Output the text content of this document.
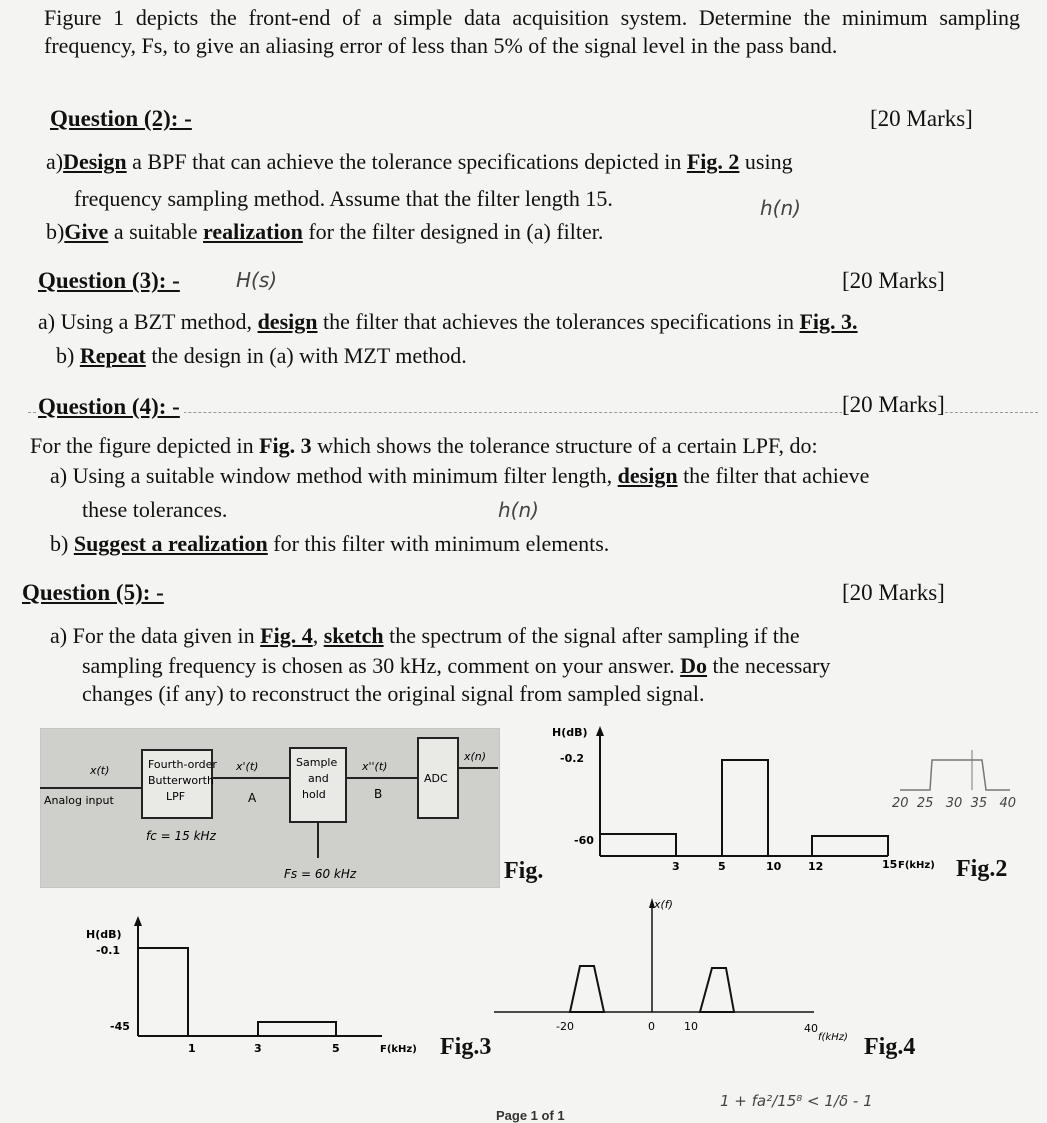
Figure 1 depicts the front-end of a simple data acquisition system. Determine the minimum sampling frequency, Fs, to give an aliasing error of less than 5% of the signal level in the pass band.
Question (2): -	[20 Marks]
a)Design a BPF that can achieve the tolerance specifications depicted in Fig. 2 using
frequency sampling method. Assume that the filter length 15.	h(n)
b)Give a suitable realization for the filter designed in (a) filter.
Question (3): -	H(s)	[20 Marks]
a) Using a BZT method, design the filter that achieves the tolerances specifications in Fig. 3.
b) Repeat the design in (a) with MZT method.
Question (4): -	[20 Marks]
For the figure depicted in Fig. 3 which shows the tolerance structure of a certain LPF, do:
a) Using a suitable window method with minimum filter length, design the filter that achieve
these tolerances.	h(n)
b) Suggest a realization for this filter with minimum elements.
Question (5): -	[20 Marks]
a) For the data given in Fig. 4, sketch the spectrum of the signal after sampling if the
sampling frequency is chosen as 30 kHz, comment on your answer. Do the necessary
changes (if any) to reconstruct the original signal from sampled signal.
Analog input
x(t)	Fourth-order
Butterworth
LPF
fc = 15 kHz
x'(t)
A
Sample
and
hold
Fs = 60 kHz
x''(t)
B
ADC
x(n)
Fig.
H(dB)
-0.2
-60
3	5	10 12	15 F(kHz) Fig.2
20 25 30 35 40
H(dB)
-0.1
-45
1	3	5	F(kHz) Fig.3
x(f)
-20	0	10	40
f(kHz) Fig.4
Page 1 of 1
1 + fa²/15⁸ < 1/δ - 1
